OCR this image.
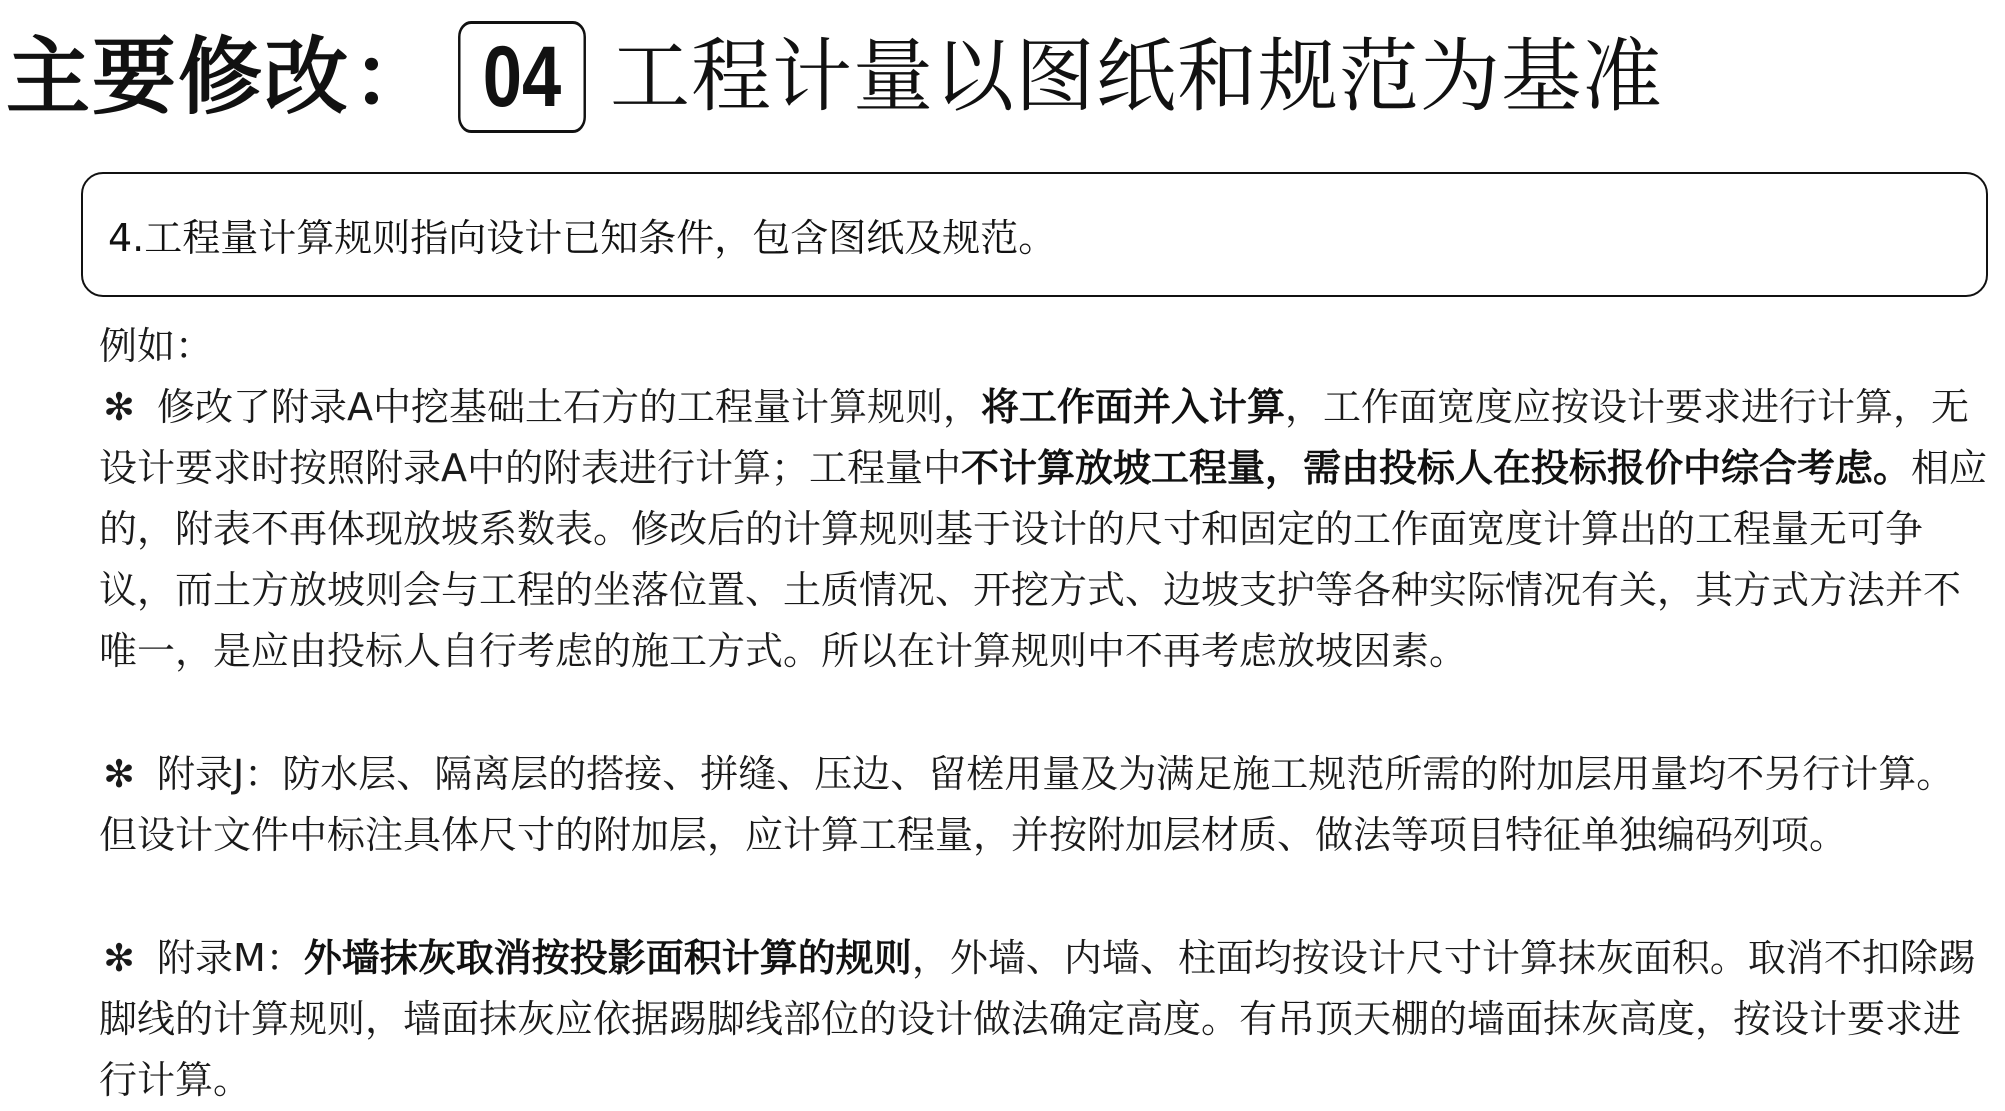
主要修改 ： 04 工程计量以图纸和规范为基准
4.工程量计算规则指向设计已知条件，包含图纸及规范。

例如：

✻ 修改了附录A中挖基础土石方的工程量计算规则，将工作面并入计算，工作面宽度应按设计要求进行计算，无设计要求时按照附录A中的附表进行计算；工程量中不计算放坡工程量，需由投标人在投标报价中综合考虑。相应的，附表不再体现放坡系数表。修改后的计算规则基于设计的尺寸和固定的工作面宽度计算出的工程量无可争议，而土方放坡则会与工程的坐落位置、土质情况、开挖方式、边坡支护等各种实际情况有关，其方式方法并不唯一，是应由投标人自行考虑的施工方式。所以在计算规则中不再考虑放坡因素。

✻ 附录J：防水层、隔离层的搭接、拼缝、压边、留槎用量及为满足施工规范所需的附加层用量均不另行计算。但设计文件中标注具体尺寸的附加层，应计算工程量，并按附加层材质、做法等项目特征单独编码列项。

✻ 附录M：外墙抹灰取消按投影面积计算的规则，外墙、内墙、柱面均按设计尺寸计算抹灰面积。取消不扣除踢脚线的计算规则，墙面抹灰应依据踢脚线部位的设计做法确定高度。有吊顶天棚的墙面抹灰高度，按设计要求进行计算。
